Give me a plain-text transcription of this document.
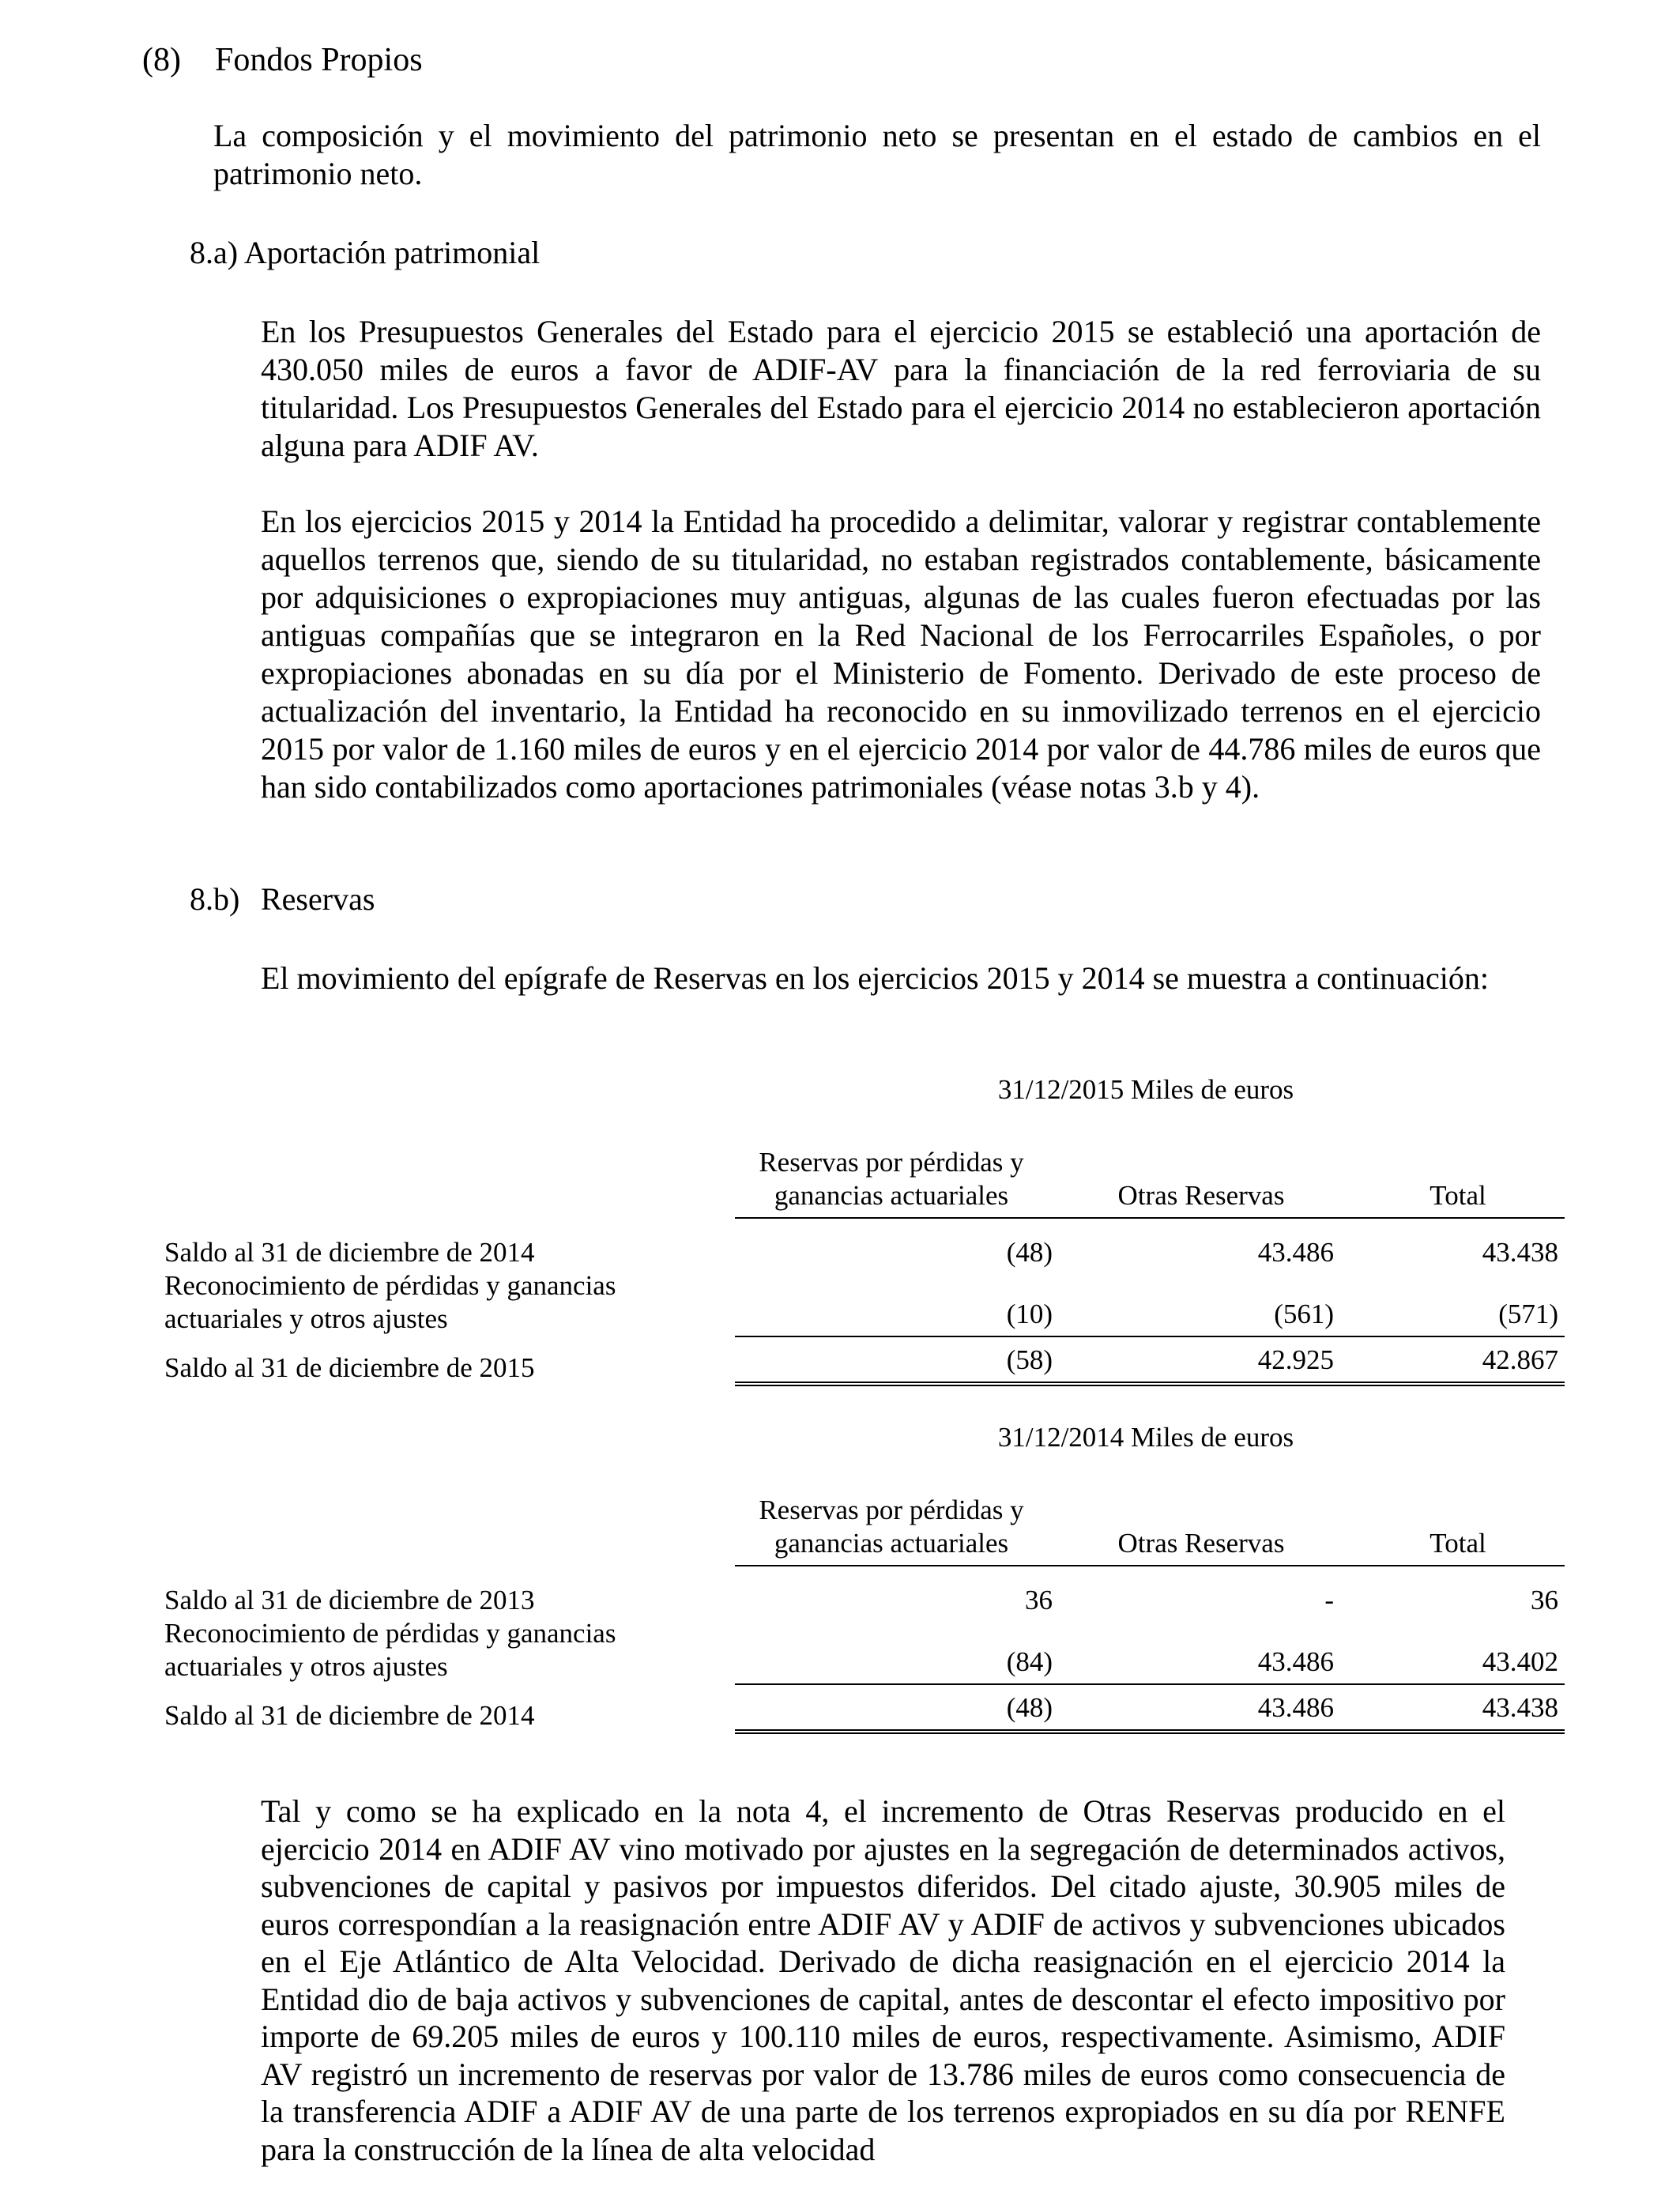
(8) Fondos Propios

La composición y el movimiento del patrimonio neto se presentan en el estado de cambios en el patrimonio neto.

8.a) Aportación patrimonial

En los Presupuestos Generales del Estado para el ejercicio 2015 se estableció una aportación de 430.050 miles de euros a favor de ADIF-AV para la financiación de la red ferroviaria de su titularidad. Los Presupuestos Generales del Estado para el ejercicio 2014 no establecieron aportación alguna para ADIF AV.

En los ejercicios 2015 y 2014 la Entidad ha procedido a delimitar, valorar y registrar contablemente aquellos terrenos que, siendo de su titularidad, no estaban registrados contablemente, básicamente por adquisiciones o expropiaciones muy antiguas, algunas de las cuales fueron efectuadas por las antiguas compañías que se integraron en la Red Nacional de los Ferrocarriles Españoles, o por expropiaciones abonadas en su día por el Ministerio de Fomento. Derivado de este proceso de actualización del inventario, la Entidad ha reconocido en su inmovilizado terrenos en el ejercicio 2015 por valor de 1.160 miles de euros y en el ejercicio 2014 por valor de 44.786 miles de euros que han sido contabilizados como aportaciones patrimoniales (véase notas 3.b y 4).

8.b) Reservas

El movimiento del epígrafe de Reservas en los ejercicios 2015 y 2014 se muestra a continuación:

31/12/2015 Miles de euros
Reservas por pérdidas y
ganancias actuariales	Otras Reservas	Total
Saldo al 31 de diciembre de 2014	(48)	43.486	43.438
Reconocimiento de pérdidas y ganancias
actuariales y otros ajustes	(10)	(561)	(571)
Saldo al 31 de diciembre de 2015	(58)	42.925	42.867
31/12/2014 Miles de euros
Reservas por pérdidas y
ganancias actuariales	Otras Reservas	Total
Saldo al 31 de diciembre de 2013	36	-	36
Reconocimiento de pérdidas y ganancias
actuariales y otros ajustes	(84)	43.486	43.402
Saldo al 31 de diciembre de 2014	(48)	43.486	43.438

Tal y como se ha explicado en la nota 4, el incremento de Otras Reservas producido en el ejercicio 2014 en ADIF AV vino motivado por ajustes en la segregación de determinados activos, subvenciones de capital y pasivos por impuestos diferidos. Del citado ajuste, 30.905 miles de euros correspondían a la reasignación entre ADIF AV y ADIF de activos y subvenciones ubicados en el Eje Atlántico de Alta Velocidad. Derivado de dicha reasignación en el ejercicio 2014 la Entidad dio de baja activos y subvenciones de capital, antes de descontar el efecto impositivo por importe de 69.205 miles de euros y 100.110 miles de euros, respectivamente. Asimismo, ADIF AV registró un incremento de reservas por valor de 13.786 miles de euros como consecuencia de la transferencia ADIF a ADIF AV de una parte de los terrenos expropiados en su día por RENFE para la construcción de la línea de alta velocidad
